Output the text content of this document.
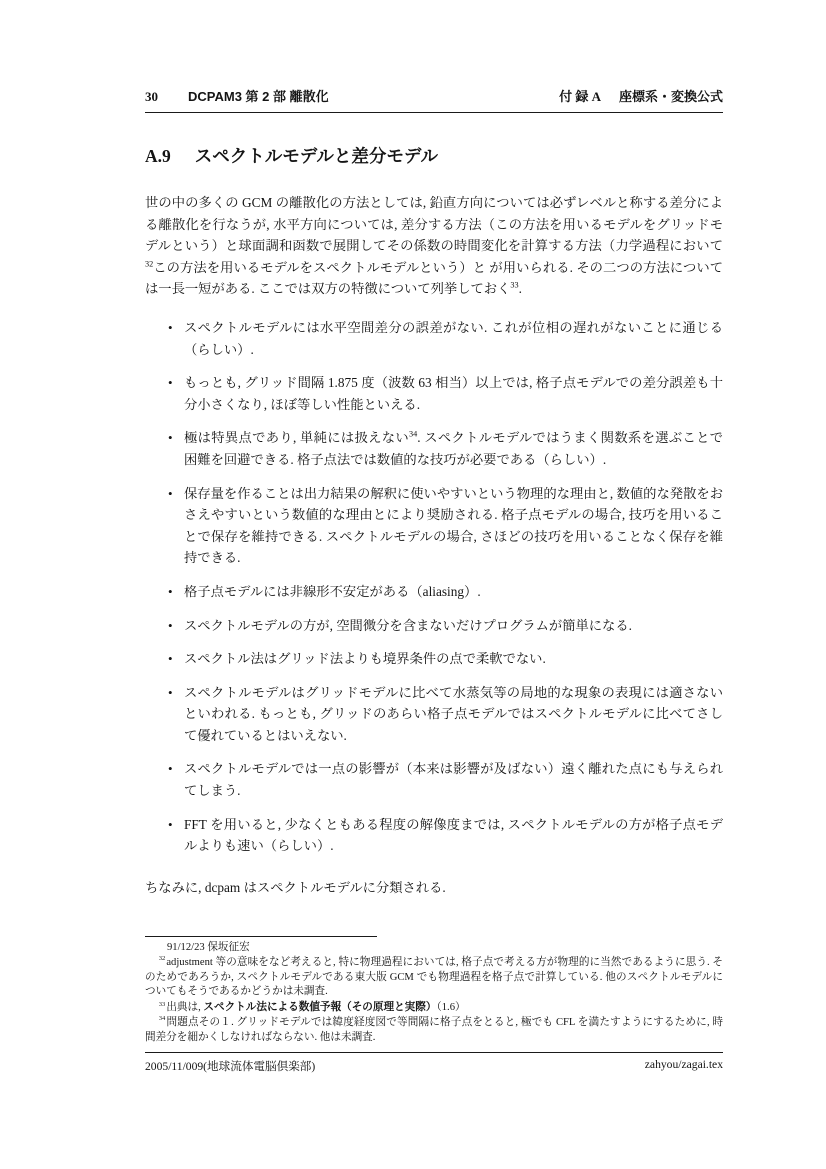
30 DCPAM3 第 2 部 離散化	付 録 A 座標系・変換公式
A.9 スペクトルモデルと差分モデル

世の中の多くの GCM の離散化の方法としては, 鉛直方向については必ずレベルと称する差分による離散化を行なうが, 水平方向については, 差分する方法（この方法を用いるモデルをグリッドモデルという）と球面調和函数で展開してその係数の時間変化を計算する方法（力学過程において$^{32}$この方法を用いるモデルをスペクトルモデルという）と が用いられる. その二つの方法については一長一短がある. ここでは双方の特徴について列挙しておく$^{33}$.

• スペクトルモデルには水平空間差分の誤差がない. これが位相の遅れがないことに通じる（らしい）.
• もっとも, グリッド間隔 1.875 度（波数 63 相当）以上では, 格子点モデルでの差分誤差も十分小さくなり, ほぼ等しい性能といえる.
• 極は特異点であり, 単純には扱えない$^{34}$. スペクトルモデルではうまく関数系を選ぶことで困難を回避できる. 格子点法では数値的な技巧が必要である（らしい）.
• 保存量を作ることは出力結果の解釈に使いやすいという物理的な理由と, 数値的な発散をおさえやすいという数値的な理由とにより奨励される. 格子点モデルの場合, 技巧を用いることで保存を維持できる. スペクトルモデルの場合, さほどの技巧を用いることなく保存を維持できる.
• 格子点モデルには非線形不安定がある（aliasing）.
• スペクトルモデルの方が, 空間微分を含まないだけプログラムが簡単になる.
• スペクトル法はグリッド法よりも境界条件の点で柔軟でない.
• スペクトルモデルはグリッドモデルに比べて水蒸気等の局地的な現象の表現には適さないといわれる. もっとも, グリッドのあらい格子点モデルではスペクトルモデルに比べてさして優れているとはいえない.
• スペクトルモデルでは一点の影響が（本来は影響が及ばない）遠く離れた点にも与えられてしまう.
• FFT を用いると, 少なくともある程度の解像度までは, スペクトルモデルの方が格子点モデルよりも速い（らしい）.

ちなみに, dcpam はスペクトルモデルに分類される.

91/12/23 保坂征宏

$^{32}$adjustment 等の意味をなど考えると, 特に物理過程においては, 格子点で考える方が物理的に当然であるように思う. そのためであろうか, スペクトルモデルである東大版 GCM でも物理過程を格子点で計算している. 他のスペクトルモデルについてもそうであるかどうかは未調査.

$^{33}$出典は, スペクトル法による数値予報（その原理と実際）（1.6）

$^{34}$問題点その１. グリッドモデルでは緯度経度図で等間隔に格子点をとると, 極でも CFL を満たすようにするために, 時間差分を細かくしなければならない. 他は未調査.

2005/11/009(地球流体電脳倶楽部)	zahyou/zagai.tex
